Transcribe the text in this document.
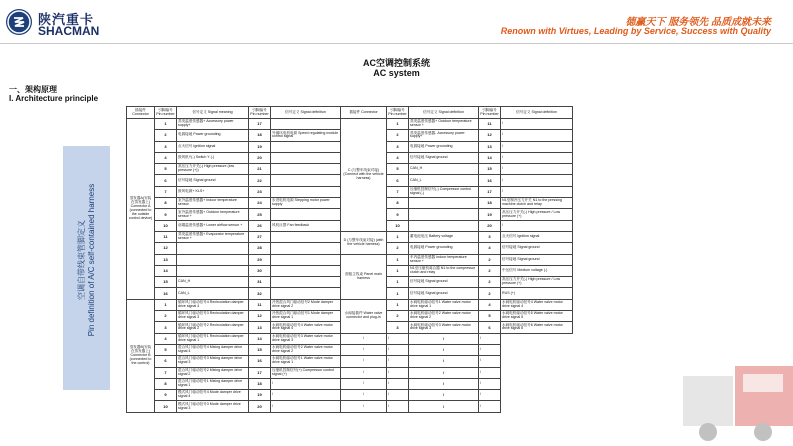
陕汽重卡
SHACMAN
德赢天下 服务领先 品质成就未来
Renown with Virtues, Leading by Service, Success with Quality
AC空调控制系统
AC system
一、架构原理
I. Architecture principle
空调自带线束管脚定义 Pin definition of A/C self-contained harness
插接件 Connector	引脚编号 Pin number	信号定义 Signal meaning	引脚编号 Pin number	信号定义 Signal definition	插接件 Connector	引脚编号 Pin number	信号定义 Signal definition	引脚编号 Pin number	信号定义 Signal definition
蒸发器A(安装在蒸发器上) Connector A (connected to the outside control device)	1	蒸发温度传感器+ Accessory power supply+	17		C (与整车线束对接) (Connect with the vehicle harness)	1	蒸发温度传感器+ Outdoor temperature sensor +	11	/
	2	电源接地 Power grounding	18	外循环电机电源 Speed regulating module control signal		2	蒸发温度传感器- Accessory power supply+	12	/
	3	点火信号 Ignition signal	19			3	电源接地 Power grounding	13	/
	4	鼓风机Y(-) Switch Y (-)	20			4	信号接地 Signal ground	14	/
	5	高压压力开关(-) High pressure (low pressure (+))	21			5	CAN_H	15	/
	6	信号接地 Signal ground	22			6	CAN_L	16	/
	7	鼓风电源+ KLS+	23			7	压缩机控制信号(-) Compressor control signal (-)	17	/
	8	室外温度传感器+ Indoor temperature sensor	24	步进电机电源 Stepping motor power supply		8		18	N1至制冷压力开关 N1 to the pressing machine clutch and relay
	9	室外温度传感器+ Outdoor temperature sensor +	25			9		19	高压压力开关(-) High pressure / Low pressure (+)
	10	前端温度传感器+ Lower airflow sensor +	26	风机反馈 Fan feedback		10		20	/
	11	蒸发温度传感器+ Evaporator temperature sensor +	27		D (与整车线束对接) (with the vehicle harness)	1	蓄电池电压 Battery voltage	3	点火信号 Ignition signal
	12		28			2	电源接地 Power grounding	4	信号接地 Signal ground
	13		29		面板主线束 Panel main harness	1	车内温度传感器 Indoor temperature sensor +	2	信号接地 Signal ground
	14		30			1	N1至压缩机离合器 N1 to the compressor clutch and relay	2	中压信号 Medium voltage (-)
	15	CAN_H	31			1	信号接地 Signal ground	2	高压压力开关(-) High pressure / Low pressure (+)
	16	CAN_L	32			1	信号接地 Signal ground	2	RUS (+)
蒸发器B(安装在蒸发器上) Connector B (connected to the control)	1	循环风门驱动信号4 Recirculation damper drive signal 4	11	冷热混合风门驱动信号2 Mode damper drive signal 2	水阀接插件 Water valve connector and plug-in	1	水阀电机驱动信号1 Water valve motor drive signal 1	4	水阀电机驱动信号4 Water valve motor drive signal 4
	2	循环风门驱动信号3 Recirculation damper drive signal 3	12	冷热混合风门驱动信号1 Mode damper drive signal 1		2	水阀电机驱动信号2 Water valve motor drive signal 2	5	水阀电机驱动信号5 Water valve motor drive signal 5
	3	循环风门驱动信号2 Recirculation damper drive signal 2	13	水阀电机驱动信号4 Water valve motor drive signal 4		3	水阀电机驱动信号3 Water valve motor drive signal 3	6	水阀电机驱动信号6 Water valve motor drive signal 6
	4	循环风门驱动信号1 Recirculation damper drive signal 1	14	水阀电机驱动信号3 Water valve motor drive signal 3	/	/	/	/	
	5	混合风门驱动信号4 Mixing damper drive signal 4	15	水阀电机驱动信号2 Water valve motor drive signal 2	/	/	/	/	
	6	混合风门驱动信号3 Mixing damper drive signal 3	16	水阀电机驱动信号1 Water valve motor drive signal 1	/	/	/	/	
	7	混合风门驱动信号2 Mixing damper drive signal 2	17	压缩机控制信号(+) Compressor control signal (+)	/	/	/	/	
	8	混合风门驱动信号1 Mixing damper drive signal 1	18	/	/	/	/	/	
	9	模式风门驱动信号4 Mode damper drive signal 4	19	/	/	/	/	/	
	10	模式风门驱动信号3 Mode damper drive signal 3	20	/	/	/	/	/	
